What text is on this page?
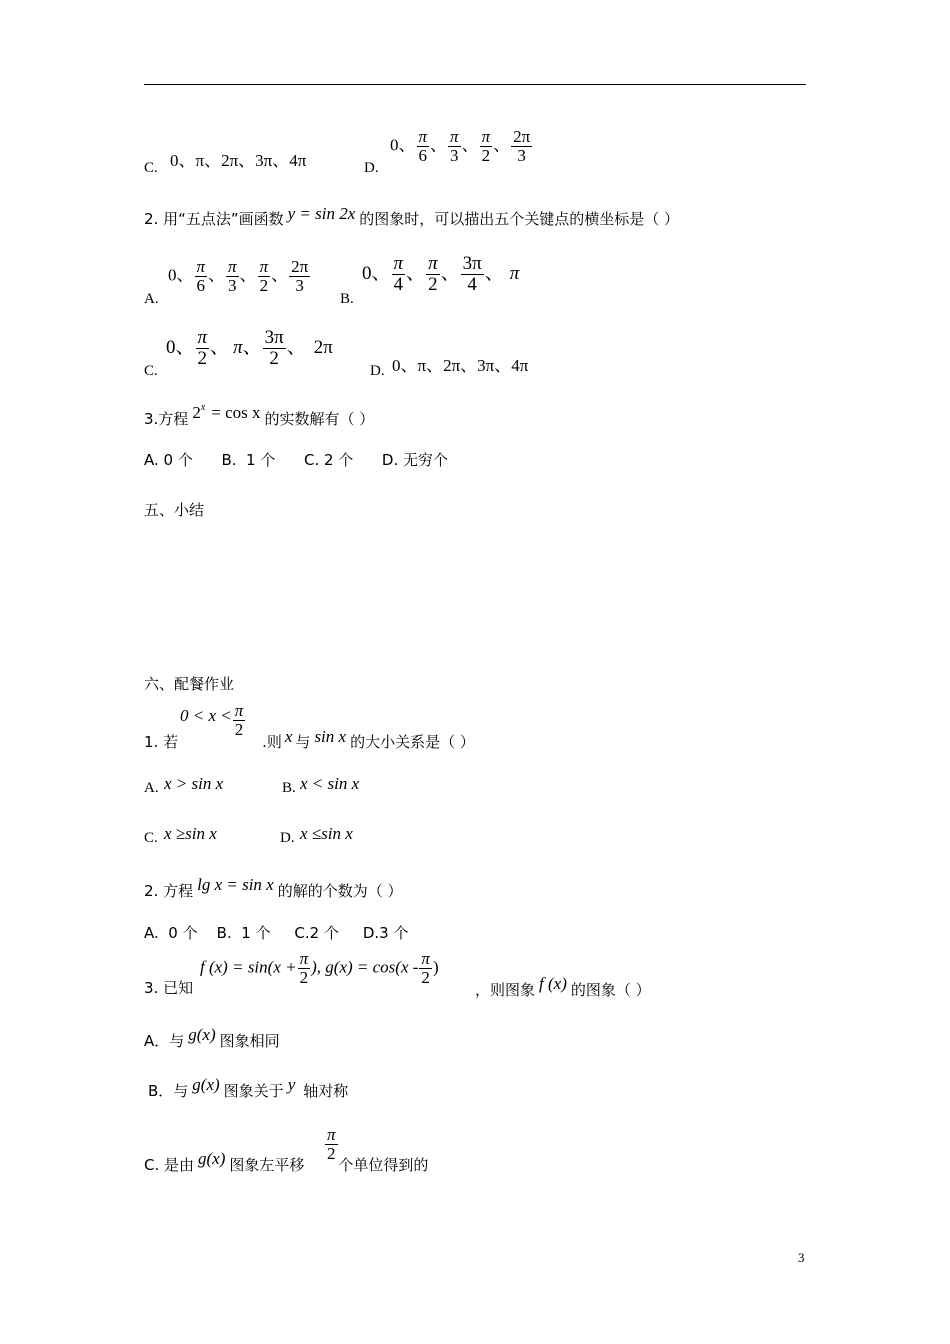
C. 0、π、2π、3π、4π	D.
0、 $\frac{\pi}{6}$ 、 $\frac{\pi}{3}$ 、 $\frac{\pi}{2}$ 、 $\frac{2\pi}{3}$
2. 用“五点法”画函数 y = sin 2x 的图象时，可以描出五个关键点的横坐标是（ ）
A.
0、 $\frac{\pi}{6}$ 、 $\frac{\pi}{3}$ 、 $\frac{\pi}{2}$ 、 $\frac{2\pi}{3}$
B.
0、 $\frac{\pi}{4}$ 、 $\frac{\pi}{2}$ 、 $\frac{3\pi}{4}$ 、 π
C.
0、 $\frac{\pi}{2}$ 、 π、 $\frac{3\pi}{2}$ 、 2π
D. 0、π、2π、3π、4π
3.方程 $2^x = \cos x$ 的实数解有（ ）
A. 0 个      B.  1 个      C. 2 个      D. 无穷个
五、小结
六、配餐作业
$0 < x < \frac{\pi}{2}$
1. 若	.则 x 与 sin x 的大小关系是（ ）
A. x > sin x	B. x < sin x
C. x ≥sin x	D. x ≤sin x
2. 方程 lg x = sin x 的解的个数为（ ）
A.  0 个    B.  1 个     C.2 个     D.3 个
f $(x) = \sin(x + \frac{\pi}{2}$ ), $g(x) = \cos(x - \frac{\pi}{2}$ )
3. 已知	，则图象 f (x) 的图象（ ）
A．与 g(x) 图象相同
B．与 g(x) 图象关于 y 轴对称
$\frac{\pi}{2}$
C. 是由 g(x) 图象左平移 个单位得到的
3
